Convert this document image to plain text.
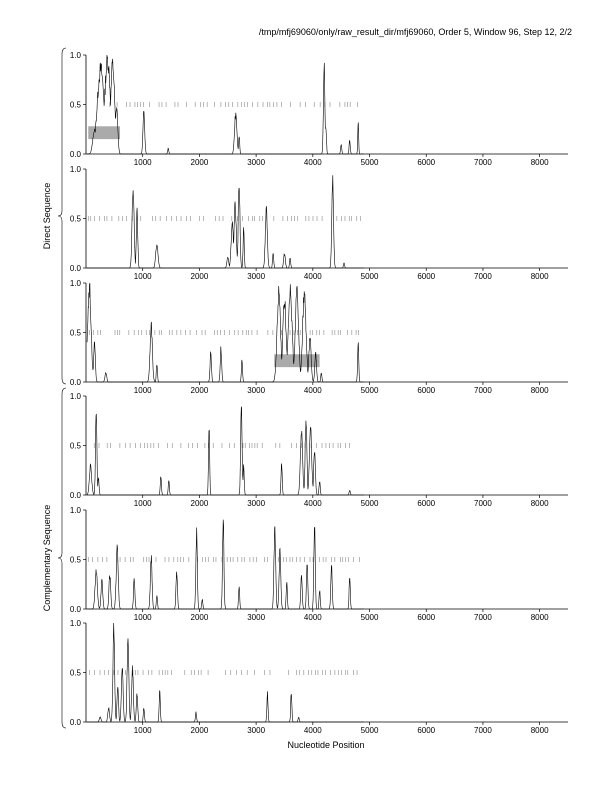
/tmp/mfj69060/only/raw_result_dir/mfj69060, Order 5, Window 96, Step 12, 2/2
0.0
0.5
1.0
1000	2000	3000	4000	5000	6000	7000	8000
0.0
0.5
1.0
1000	2000	3000	4000	5000	6000	7000	8000
0.0
0.5
1.0
1000	2000	3000	4000	5000	6000	7000	8000
0.0
0.5
1.0
1000	2000	3000	4000	5000	6000	7000	8000
0.0
0.5
1.0
1000	2000	3000	4000	5000	6000	7000	8000
0.0
0.5
1.0
1000	2000	3000	4000	5000	6000	7000	8000
Direct Sequence
Complementary Sequence
Nucleotide Position
